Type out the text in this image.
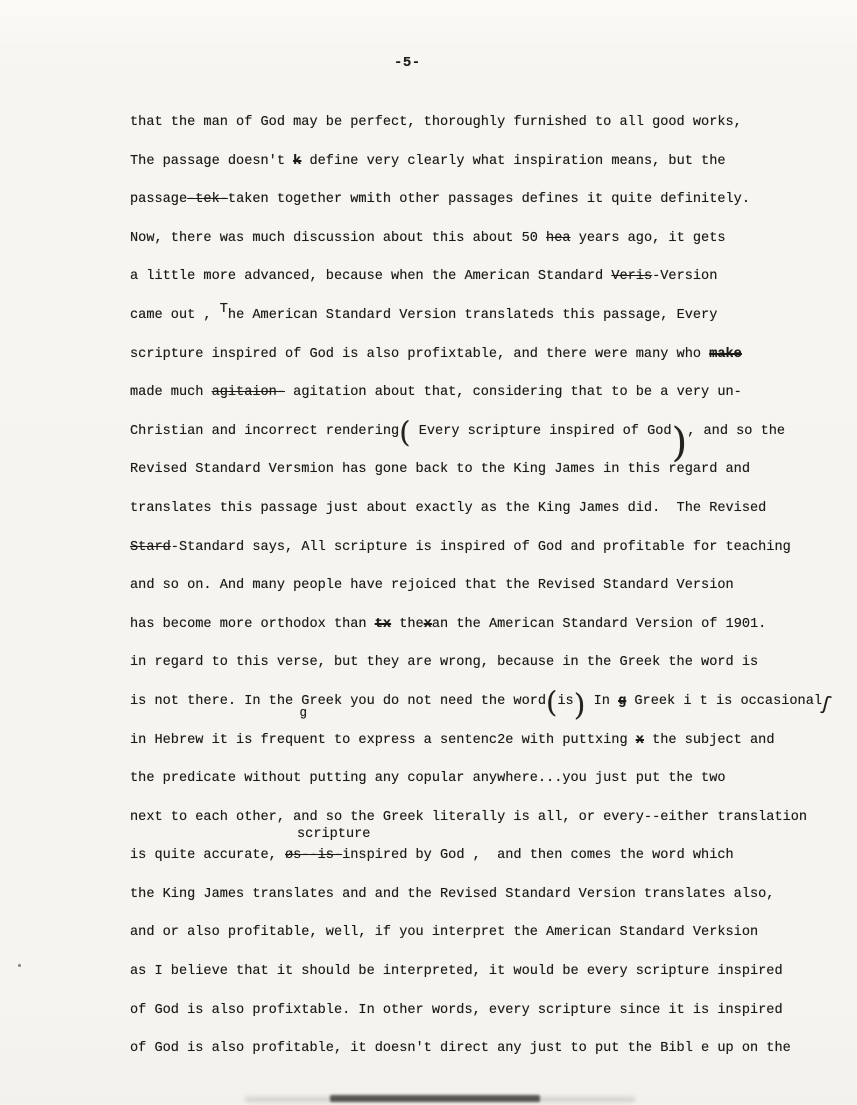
-5-
that the man of God may be perfect, thoroughly furnished to all good works,
The passage doesn't k define very clearly what inspiration means, but the
passage-tek-taken together wmith other passages defines it quite definitely.
Now, there was much discussion about this about 50 hea years ago, it gets
a little more advanced, because when the American Standard Veris-Version
came out , The American Standard Version translateds this passage, Every
scripture inspired of God is also profixtable, and there were many who make
made much agitaion- agitation about that, considering that to be a very un-
Christian and incorrect rendering( Every scripture inspired of God), and so the
Revised Standard Versmion has gone back to the King James in this regard and
translates this passage just about exactly as the King James did.  The Revised
Stard-Standard says, All scripture is inspired of God and profitable for teaching
and so on. And many people have rejoiced that the Revised Standard Version
has become more orthodox than tx thexan the American Standard Version of 1901.
in regard to this verse, but they are wrong, because in the Greek the word is
is not there. In the Ggreek you do not need the word(is) In g Greek i t is occasionalʃ
in Hebrew it is frequent to express a sentenc2e with puttxing x the subject and
the predicate without putting any copular anywhere...you just put the two
next to each other, and so the Greek literally is all, or every--either translation
scripture
is quite accurate, øs--is-inspired by God ,  and then comes the word which
the King James translates and and the Revised Standard Version translates also,
and or also profitable, well, if you interpret the American Standard Verksion
as I believe that it should be interpreted, it would be every scripture inspired
of God is also profixtable. In other words, every scripture since it is inspired
of God is also profitable, it doesn't direct any just to put the Bibl e up on the
